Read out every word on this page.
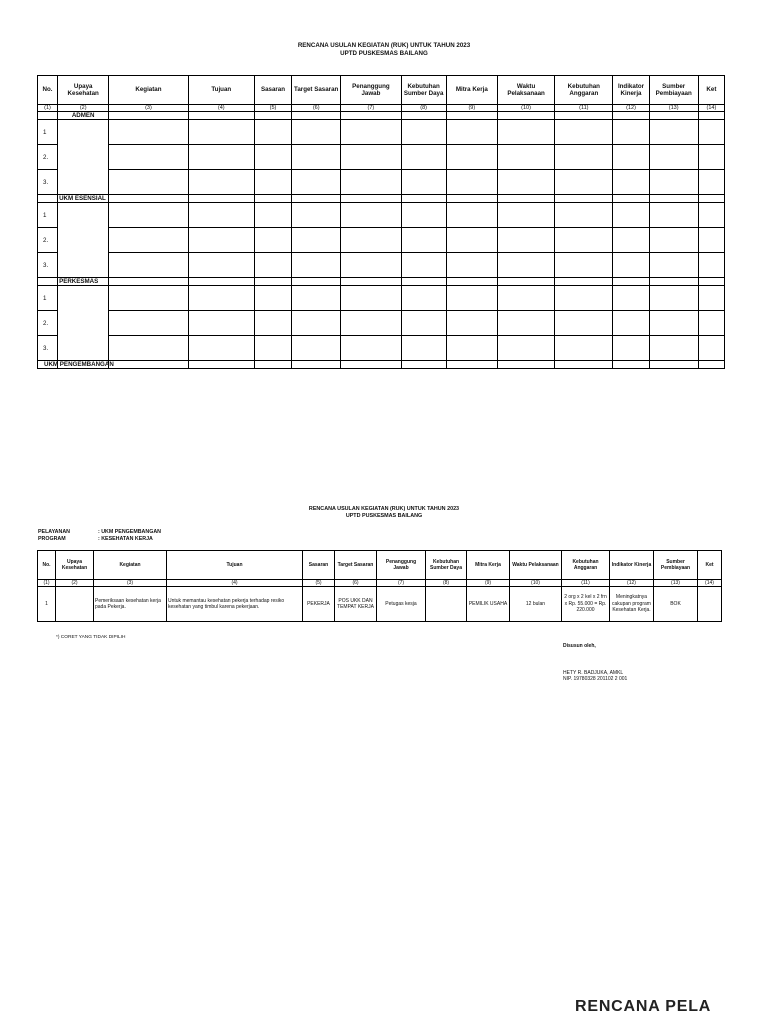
RENCANA USULAN KEGIATAN (RUK) UNTUK TAHUN 2023
UPTD PUSKESMAS BAILANG
No.	Upaya Kesehatan	Kegiatan	Tujuan	Sasaran	Target Sasaran	Penanggung Jawab	Kebutuhan Sumber Daya	Mitra Kerja	Waktu Pelaksanaan	Kebutuhan Anggaran	Indikator Kinerja	Sumber Pembiayaan	Ket
(1)	(2)	(3)	(4)	(5)	(6)	(7)	(8)	(9)	(10)	(11)	(12)	(13)	(14)
	ADMEN												
1													
2.													
3.													
	UKM ESENSIAL												
1													
2.													
3.													
	PERKESMAS												
1													
2.													
3.													
UKM PENGEMBANGAN													
RENCANA USULAN KEGIATAN (RUK) UNTUK TAHUN 2023
UPTD PUSKESMAS BAILANG
PELAYANAN	: UKM PENGEMBANGAN
PROGRAM	: KESEHATAN KERJA
No.	Upaya Kesehatan	Kegiatan	Tujuan	Sasaran	Target Sasaran	Penanggung Jawab	Kebutuhan Sumber Daya	Mitra Kerja	Waktu Pelaksanaan	Kebutuhan Anggaran	Indikator Kinerja	Sumber Pembiayaan	Ket
(1)	(2)	(3)	(4)	(5)	(6)	(7)	(8)	(9)	(10)	(11)	(12)	(13)	(14)
1		Pemeriksaan kesehatan kerja pada Pekerja.	Untuk memantau kesehatan pekerja terhadap resiko kesehatan yang timbul karena pekerjaan.	PEKERJA	POS UKK DAN TEMPAT KERJA	Petugas kesja		PEMILIK USAHA	12 bulan	2 org x 2 kel x 2 frn x Rp. 55.000 = Rp. 220.000	Meningkatnya cakupan program Kesehatan Kerja.	BOK	
*) CORET YANG TIDAK DIPILIH
Disusun oleh,
HETY R. BADJUKA, AMKL
NIP. 19780328 201102 2 001
RENCANA PELA
